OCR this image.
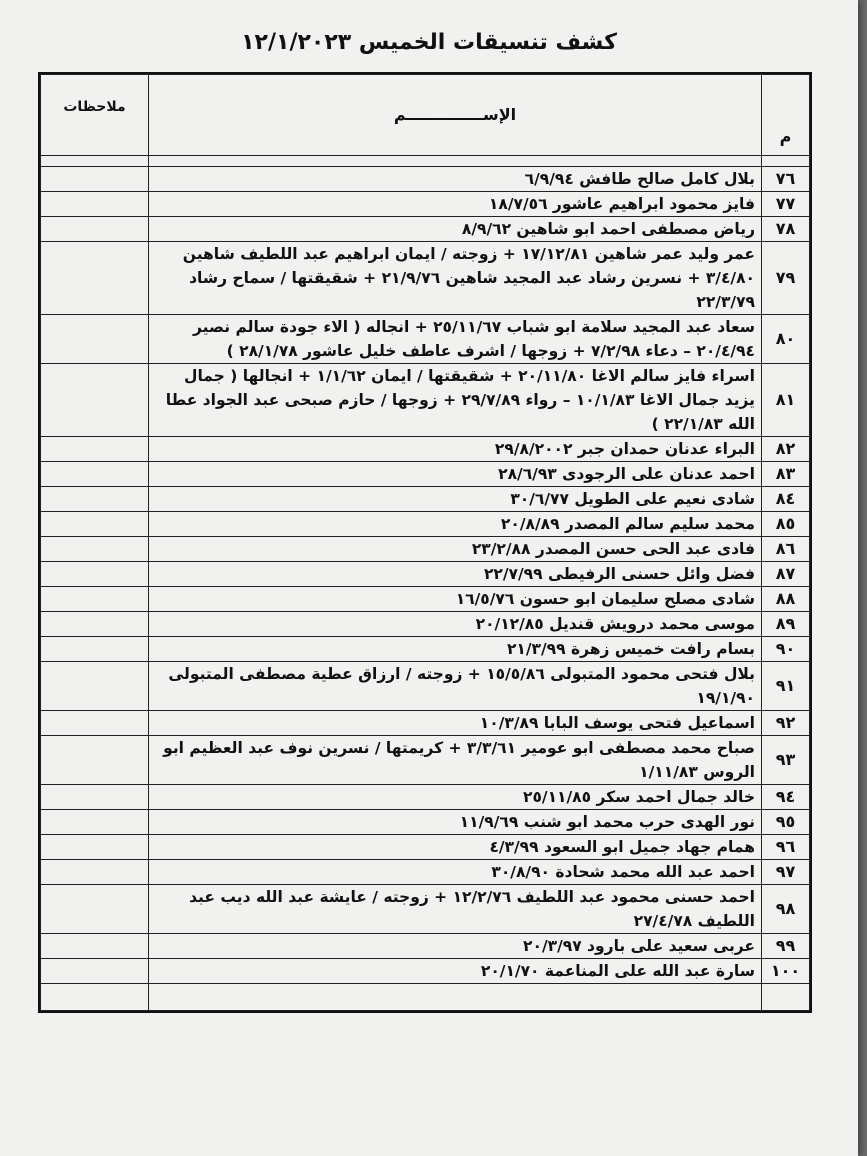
كشف تنسيقات الخميس ١٢/١/٢٠٢٣
م	الإســــــــــــــم	ملاحظات

٧٦	بلال كامل صالح طافش ٦/٩/٩٤	
٧٧	فايز محمود ابراهيم عاشور ١٨/٧/٥٦	
٧٨	رياض مصطفى احمد ابو شاهين ٨/٩/٦٢	
٧٩	عمر وليد عمر شاهين ١٧/١٢/٨١ + زوجته / ايمان ابراهيم عبد اللطيف شاهين ٣/٤/٨٠ + نسرين رشاد عبد المجيد شاهين ٢١/٩/٧٦ + شقيقتها / سماح رشاد ٢٢/٣/٧٩	
٨٠	سعاد عبد المجيد سلامة ابو شباب ٢٥/١١/٦٧ + انجاله ( الاء جودة سالم نصير ٢٠/٤/٩٤ – دعاء ٧/٢/٩٨ + زوجها / اشرف عاطف خليل عاشور ٢٨/١/٧٨ )	
٨١	اسراء فايز سالم الاغا ٢٠/١١/٨٠ + شقيقتها / ايمان ١/١/٦٢ + انجالها ( جمال يزيد جمال الاغا ١٠/١/٨٣ – رواء ٢٩/٧/٨٩ + زوجها / حازم صبحى عبد الجواد عطا الله ٢٢/١/٨٣ )	
٨٢	البراء عدنان حمدان جبر ٢٩/٨/٢٠٠٢	
٨٣	احمد عدنان على الرجودى ٢٨/٦/٩٣	
٨٤	شادى نعيم على الطويل ٣٠/٦/٧٧	
٨٥	محمد سليم سالم المصدر ٢٠/٨/٨٩	
٨٦	فادى عبد الحى حسن المصدر ٢٣/٢/٨٨	
٨٧	فضل وائل حسنى الرفيطى ٢٢/٧/٩٩	
٨٨	شادى مصلح سليمان ابو حسون ١٦/٥/٧٦	
٨٩	موسى محمد درويش قنديل ٢٠/١٢/٨٥	
٩٠	بسام رافت خميس زهرة ٢١/٣/٩٩	
٩١	بلال فتحى محمود المتبولى ١٥/٥/٨٦ + زوجته / ارزاق عطية مصطفى المتبولى ١٩/١/٩٠	
٩٢	اسماعيل فتحى يوسف البابا ١٠/٣/٨٩	
٩٣	صباح محمد مصطفى ابو عومير ٣/٣/٦١ + كريمتها / نسرين نوف عبد العظيم ابو الروس ١/١١/٨٣	
٩٤	خالد جمال احمد سكر ٢٥/١١/٨٥	
٩٥	نور الهدى حرب محمد ابو شنب ١١/٩/٦٩	
٩٦	همام جهاد جميل ابو السعود ٤/٣/٩٩	
٩٧	احمد عبد الله محمد شحادة ٣٠/٨/٩٠	
٩٨	احمد حسنى محمود عبد اللطيف ١٢/٢/٧٦ + زوجته / عايشة عبد الله ديب عبد اللطيف ٢٧/٤/٧٨	
٩٩	عربى سعيد على بارود ٢٠/٣/٩٧	
١٠٠	سارة عبد الله على المناعمة ٢٠/١/٧٠	
